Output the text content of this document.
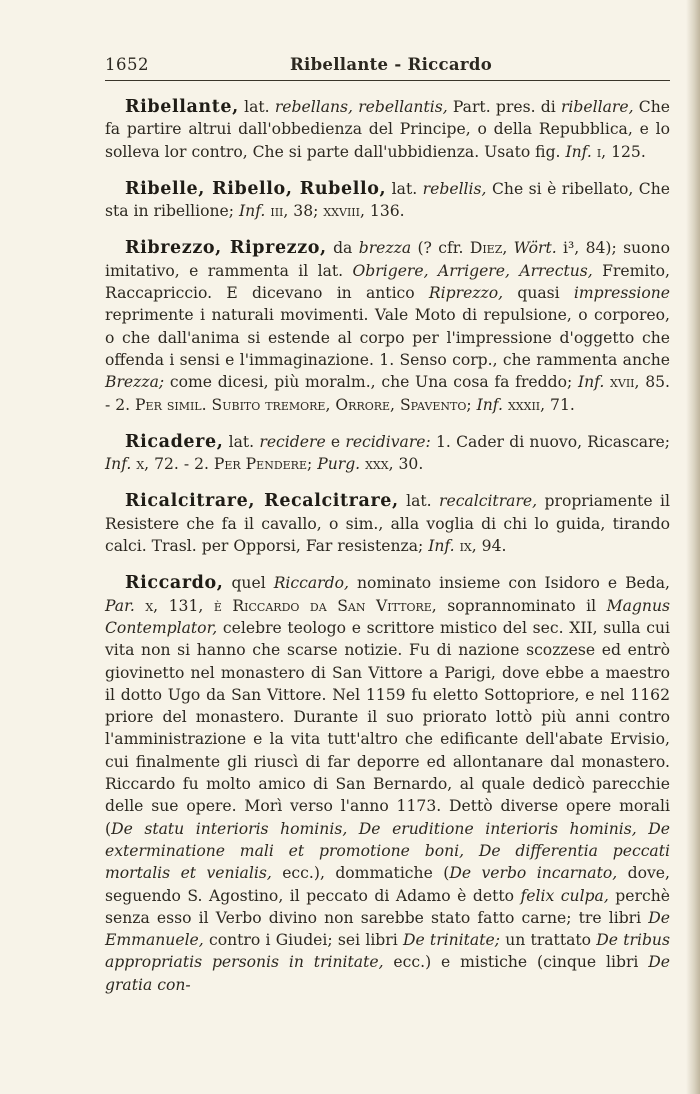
1652	Ribellante - Riccardo

Ribellante, lat. rebellans, rebellantis, Part. pres. di ribellare, Che fa partire altrui dall'obbedienza del Principe, o della Repubblica, e lo solleva lor contro, Che si parte dall'ubbidienza. Usato fig. Inf. i, 125.

Ribelle, Ribello, Rubello, lat. rebellis, Che si è ribellato, Che sta in ribellione; Inf. iii, 38; xxviii, 136.

Ribrezzo, Riprezzo, da brezza (? cfr. Diez, Wört. i³, 84); suono imitativo, e rammenta il lat. Obrigere, Arrigere, Arrectus, Fremito, Raccapriccio. E dicevano in antico Riprezzo, quasi impressione reprimente i naturali movimenti. Vale Moto di repulsione, o corporeo, o che dall'anima si estende al corpo per l'impressione d'oggetto che offenda i sensi e l'immaginazione. 1. Senso corp., che rammenta anche Brezza; come dicesi, più moralm., che Una cosa fa freddo; Inf. xvii, 85. - 2. Per simil. Subito tremore, Orrore, Spavento; Inf. xxxii, 71.

Ricadere, lat. recidere e recidivare: 1. Cader di nuovo, Ricascare; Inf. x, 72. - 2. Per Pendere; Purg. xxx, 30.

Ricalcitrare, Recalcitrare, lat. recalcitrare, propriamente il Resistere che fa il cavallo, o sim., alla voglia di chi lo guida, tirando calci. Trasl. per Opporsi, Far resistenza; Inf. ix, 94.

Riccardo, quel Riccardo, nominato insieme con Isidoro e Beda, Par. x, 131, è Riccardo da San Vittore, soprannominato il Magnus Contemplator, celebre teologo e scrittore mistico del sec. XII, sulla cui vita non si hanno che scarse notizie. Fu di nazione scozzese ed entrò giovinetto nel monastero di San Vittore a Parigi, dove ebbe a maestro il dotto Ugo da San Vittore. Nel 1159 fu eletto Sottopriore, e nel 1162 priore del monastero. Durante il suo priorato lottò più anni contro l'amministrazione e la vita tutt'altro che edificante dell'abate Ervisio, cui finalmente gli riuscì di far deporre ed allontanare dal monastero. Riccardo fu molto amico di San Bernardo, al quale dedicò parecchie delle sue opere. Morì verso l'anno 1173. Dettò diverse opere morali (De statu interioris hominis, De eruditione interioris hominis, De exterminatione mali et promotione boni, De differentia peccati mortalis et venialis, ecc.), dommatiche (De verbo incarnato, dove, seguendo S. Agostino, il peccato di Adamo è detto felix culpa, perchè senza esso il Verbo divino non sarebbe stato fatto carne; tre libri De Emmanuele, contro i Giudei; sei libri De trinitate; un trattato De tribus appropriatis personis in trinitate, ecc.) e mistiche (cinque libri De gratia con-
